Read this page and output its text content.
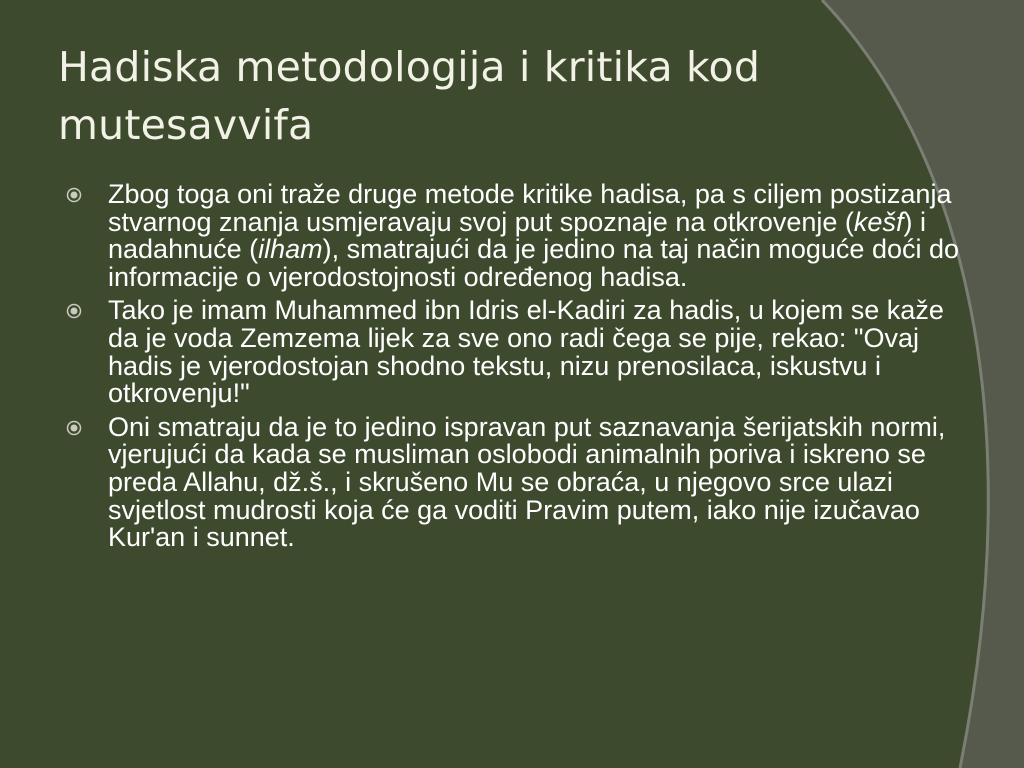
Hadiska metodologija i kritika kod
mutesavvifa
Zbog toga oni traže druge metode kritike hadisa, pa s ciljem postizanja stvarnog znanja usmjeravaju svoj put spoznaje na otkrovenje (kešf) i nadahnuće (ilham), smatrajući da je jedino na taj način moguće doći do informacije o vjerodostojnosti određenog hadisa.
Tako je imam Muhammed ibn Idris el-Kadiri za hadis, u kojem se kaže da je voda Zemzema lijek za sve ono radi čega se pije, rekao: "Ovaj hadis je vjerodostojan shodno tekstu, nizu prenosilaca, iskustvu i otkrovenju!"
Oni smatraju da je to jedino ispravan put saznavanja šerijatskih normi, vjerujući da kada se musliman oslobodi animalnih poriva i iskreno se preda Allahu, dž.š., i skrušeno Mu se obraća, u njegovo srce ulazi svjetlost mudrosti koja će ga voditi Pravim putem, iako nije izučavao Kur'an i sunnet.
